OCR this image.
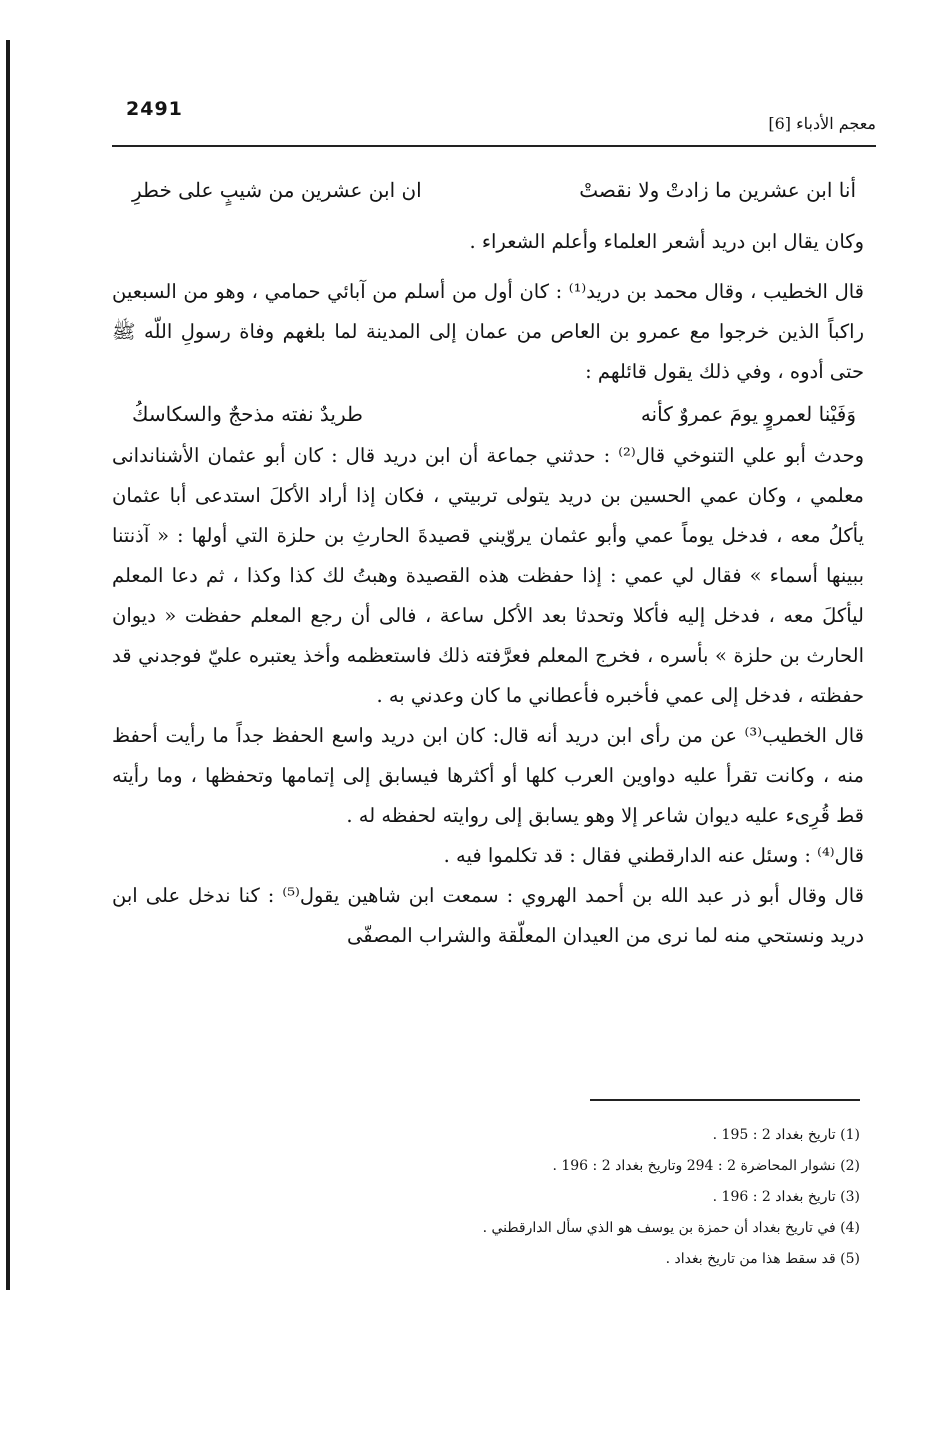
2491
معجم الأدباء [6]
أنا ابن عشرين ما زادتْ ولا نقصتْ
ان ابن عشرين من شيبٍ على خطرِ

وكان يقال ابن دريد أشعر العلماء وأعلم الشعراء .

قال الخطيب ، وقال محمد بن دريد⁽¹⁾ : كان أول من أسلم من آبائي حمامي ، وهو من السبعين راكباً الذين خرجوا مع عمرو بن العاص من عمان إلى المدينة لما بلغهم وفاة رسولِ اللّه ﷺ حتى أدوه ، وفي ذلك يقول قائلهم :

وَفَيْنا لعمروٍ يومَ عمروٌ كأنه
طريدٌ نفته مذحجٌ والسكاسكُ

وحدث أبو علي التنوخي قال⁽²⁾ : حدثني جماعة أن ابن دريد قال : كان أبو عثمان الأشناندانى معلمي ، وكان عمي الحسين بن دريد يتولى تربيتي ، فكان إذا أراد الأكلَ استدعى أبا عثمان يأكلُ معه ، فدخل يوماً عمي وأبو عثمان يروّيني قصيدةَ الحارثِ بن حلزة التي أولها : « آذنتنا ببينها أسماء » فقال لي عمي : إذا حفظت هذه القصيدة وهبتُ لك كذا وكذا ، ثم دعا المعلم ليأكلَ معه ، فدخل إليه فأكلا وتحدثا بعد الأكل ساعة ، فالى أن رجع المعلم حفظت « ديوان الحارث بن حلزة » بأسره ، فخرج المعلم فعرَّفته ذلك فاستعظمه وأخذ يعتبره عليّ فوجدني قد حفظته ، فدخل إلى عمي فأخبره فأعطاني ما كان وعدني به .

قال الخطيب⁽³⁾ عن من رأى ابن دريد أنه قال: كان ابن دريد واسع الحفظ جداً ما رأيت أحفظ منه ، وكانت تقرأ عليه دواوين العرب كلها أو أكثرها فيسابق إلى إتمامها وتحفظها ، وما رأيته قط قُرِىء عليه ديوان شاعر إلا وهو يسابق إلى روايته لحفظه له .

قال⁽⁴⁾ : وسئل عنه الدارقطني فقال : قد تكلموا فيه .

قال وقال أبو ذر عبد الله بن أحمد الهروي : سمعت ابن شاهين يقول⁽⁵⁾ : كنا ندخل على ابن دريد ونستحي منه لما نرى من العيدان المعلّقة والشراب المصفّى

(1) تاريخ بغداد 2 : 195 .
(2) نشوار المحاضرة 2 : 294 وتاريخ بغداد 2 : 196 .
(3) تاريخ بغداد 2 : 196 .
(4) في تاريخ بغداد أن حمزة بن يوسف هو الذي سأل الدارقطني .
(5) قد سقط هذا من تاريخ بغداد .
